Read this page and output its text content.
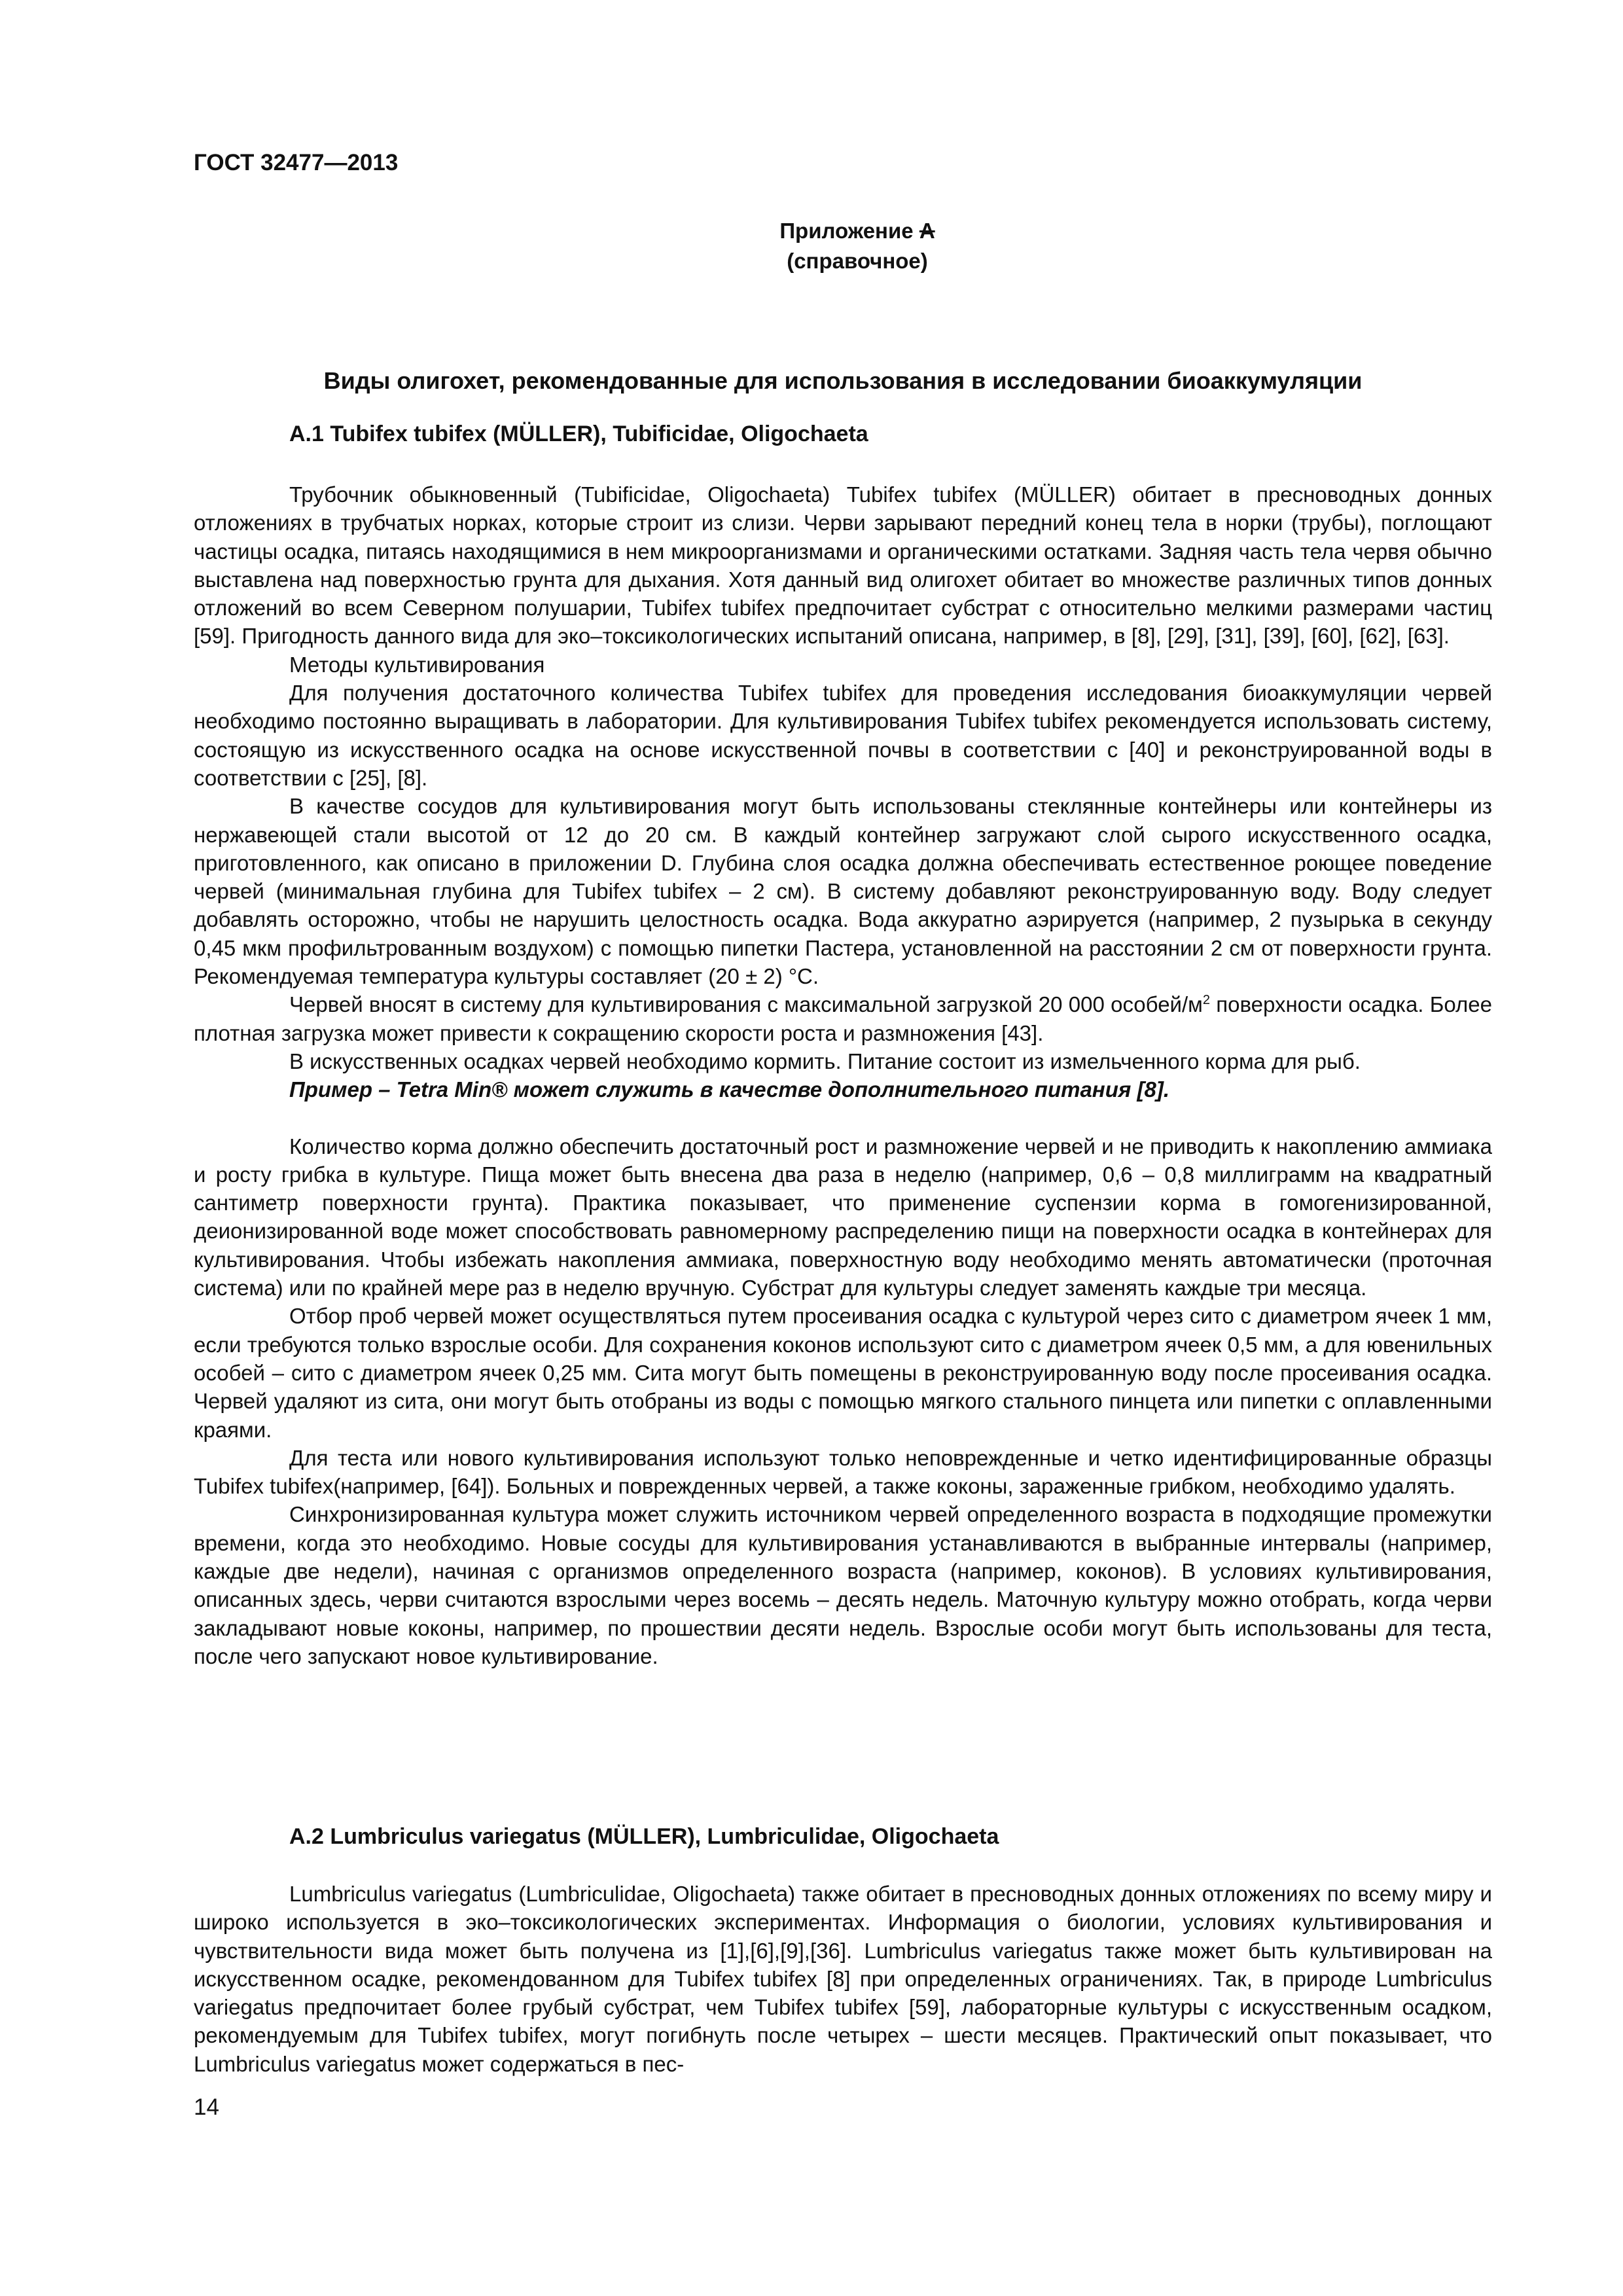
ГОСТ 32477—2013
Приложение А
(справочное)
Виды олигохет, рекомендованные для использования в исследовании биоаккумуляции
А.1 Tubifex tubifex (MÜLLER), Tubificidae, Oligochaeta

Трубочник обыкновенный (Tubificidae, Oligochaeta) Tubifex tubifex (MÜLLER) обитает в пресноводных донных отложениях в трубчатых норках, которые строит из слизи. Черви зарывают передний конец тела в норки (трубы), поглощают частицы осадка, питаясь находящимися в нем микроорганизмами и органическими остатками. Задняя часть тела червя обычно выставлена над поверхностью грунта для дыхания. Хотя данный вид олигохет обитает во множестве различных типов донных отложений во всем Северном полушарии, Tubifex tubifex предпочитает субстрат с относительно мелкими размерами частиц [59]. Пригодность данного вида для эко–токсикологических испытаний описана, например, в [8], [29], [31], [39], [60], [62], [63].

Методы культивирования

Для получения достаточного количества Tubifex tubifex для проведения исследования биоаккумуляции червей необходимо постоянно выращивать в лаборатории. Для культивирования Tubifex tubifex рекомендуется использовать систему, состоящую из искусственного осадка на основе искусственной почвы в соответствии с [40] и реконструированной воды в соответствии с [25], [8].

В качестве сосудов для культивирования могут быть использованы стеклянные контейнеры или контейнеры из нержавеющей стали высотой от 12 до 20 см. В каждый контейнер загружают слой сырого искусственного осадка, приготовленного, как описано в приложении D. Глубина слоя осадка должна обеспечивать естественное роющее поведение червей (минимальная глубина для Tubifex tubifex – 2 см). В систему добавляют реконструированную воду. Воду следует добавлять осторожно, чтобы не нарушить целостность осадка. Вода аккуратно аэрируется (например, 2 пузырька в секунду 0,45 мкм профильтрованным воздухом) с помощью пипетки Пастера, установленной на расстоянии 2 см от поверхности грунта. Рекомендуемая температура культуры составляет (20 ± 2) °С.

Червей вносят в систему для культивирования с максимальной загрузкой 20 000 особей/$м^2$ поверхности осадка. Более плотная загрузка может привести к сокращению скорости роста и размножения [43].

В искусственных осадках червей необходимо кормить. Питание состоит из измельченного корма для рыб.

Пример – Tetra Min® может служить в качестве дополнительного питания [8].

Количество корма должно обеспечить достаточный рост и размножение червей и не приводить к накоплению аммиака и росту грибка в культуре. Пища может быть внесена два раза в неделю (например, 0,6 – 0,8 миллиграмм на квадратный сантиметр поверхности грунта). Практика показывает, что применение суспензии корма в гомогенизированной, деионизированной воде может способствовать равномерному распределению пищи на поверхности осадка в контейнерах для культивирования. Чтобы избежать накопления аммиака, поверхностную воду необходимо менять автоматически (проточная система) или по крайней мере раз в неделю вручную. Субстрат для культуры следует заменять каждые три месяца.

Отбор проб червей может осуществляться путем просеивания осадка с культурой через сито с диаметром ячеек 1 мм, если требуются только взрослые особи. Для сохранения коконов используют сито с диаметром ячеек 0,5 мм, а для ювенильных особей – сито с диаметром ячеек 0,25 мм. Сита могут быть помещены в реконструированную воду после просеивания осадка. Червей удаляют из сита, они могут быть отобраны из воды с помощью мягкого стального пинцета или пипетки с оплавленными краями.

Для теста или нового культивирования используют только неповрежденные и четко идентифицированные образцы Tubifex tubifex(например, [64]). Больных и поврежденных червей, а также коконы, зараженные грибком, необходимо удалять.

Синхронизированная культура может служить источником червей определенного возраста в подходящие промежутки времени, когда это необходимо. Новые сосуды для культивирования устанавливаются в выбранные интервалы (например, каждые две недели), начиная с организмов определенного возраста (например, коконов). В условиях культивирования, описанных здесь, черви считаются взрослыми через восемь – десять недель. Маточную культуру можно отобрать, когда черви закладывают новые коконы, например, по прошествии десяти недель. Взрослые особи могут быть использованы для теста, после чего запускают новое культивирование.

А.2 Lumbriculus variegatus (MÜLLER), Lumbriculidae, Oligochaeta

Lumbriculus variegatus (Lumbriculidae, Oligochaeta) также обитает в пресноводных донных отложениях по всему миру и широко используется в эко–токсикологических экспериментах. Информация о биологии, условиях культивирования и чувствительности вида может быть получена из [1],[6],[9],[36]. Lumbriculus variegatus также может быть культивирован на искусственном осадке, рекомендованном для Tubifex tubifex [8] при определенных ограничениях. Так, в природе Lumbriculus variegatus предпочитает более грубый субстрат, чем Tubifex tubifex [59], лабораторные культуры с искусственным осадком, рекомендуемым для Tubifex tubifex, могут погибнуть после четырех – шести месяцев. Практический опыт показывает, что Lumbriculus variegatus может содержаться в пес-

14
